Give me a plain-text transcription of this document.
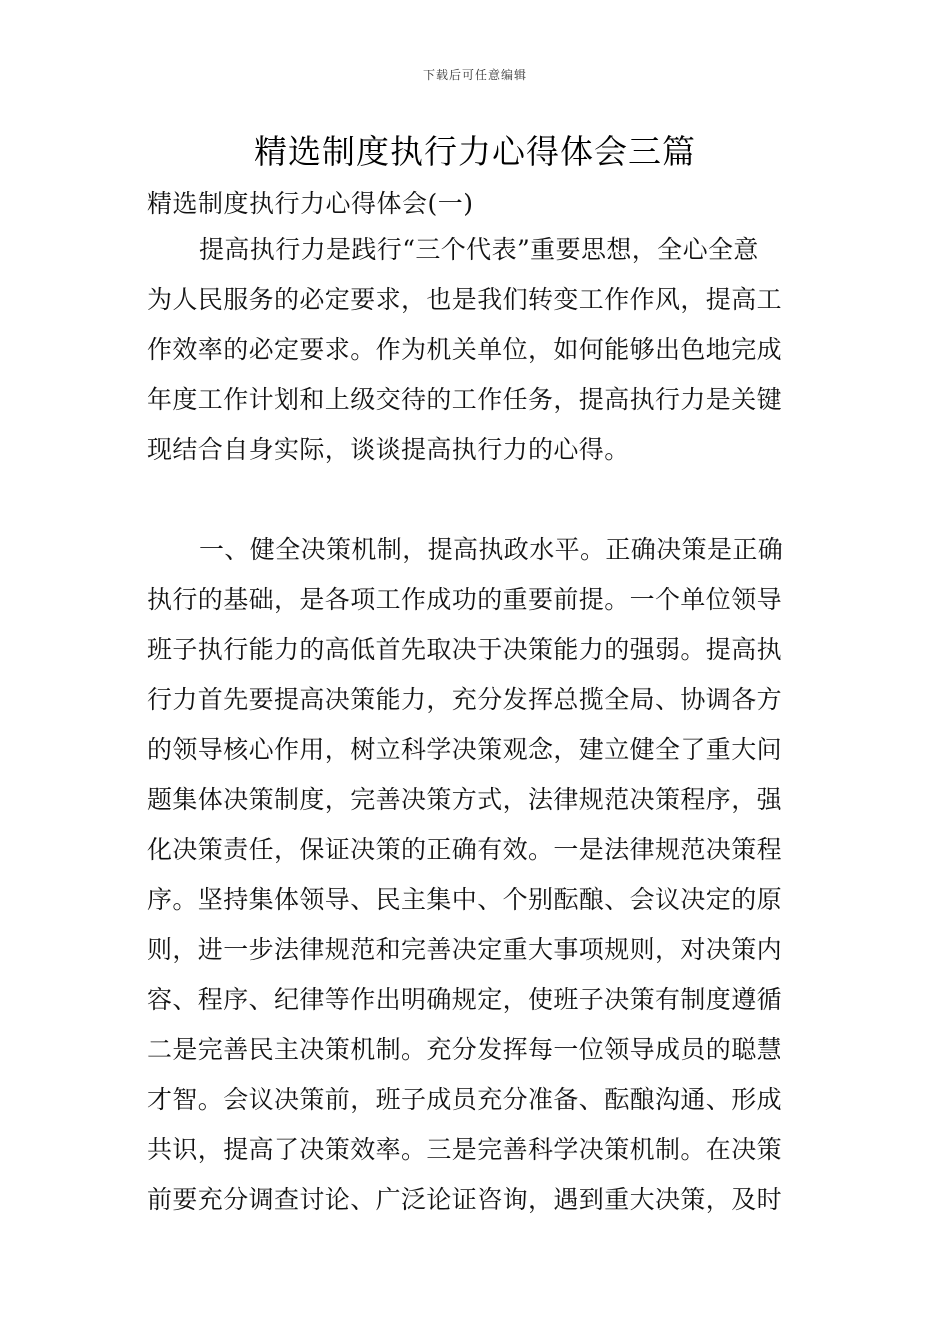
下载后可任意编辑
精选制度执行力心得体会三篇
精选制度执行力心得体会(一)
提高执行力是践行“三个代表”重要思想，全心全意
为人民服务的必定要求，也是我们转变工作作风，提高工
作效率的必定要求。作为机关单位，如何能够出色地完成
年度工作计划和上级交待的工作任务，提高执行力是关键
现结合自身实际，谈谈提高执行力的心得。
一、健全决策机制，提高执政水平。正确决策是正确
执行的基础，是各项工作成功的重要前提。一个单位领导
班子执行能力的高低首先取决于决策能力的强弱。提高执
行力首先要提高决策能力，充分发挥总揽全局、协调各方
的领导核心作用，树立科学决策观念，建立健全了重大问
题集体决策制度，完善决策方式，法律规范决策程序，强
化决策责任，保证决策的正确有效。一是法律规范决策程
序。坚持集体领导、民主集中、个别酝酿、会议决定的原
则，进一步法律规范和完善决定重大事项规则，对决策内
容、程序、纪律等作出明确规定，使班子决策有制度遵循
二是完善民主决策机制。充分发挥每一位领导成员的聪慧
才智。会议决策前，班子成员充分准备、酝酿沟通、形成
共识，提高了决策效率。三是完善科学决策机制。在决策
前要充分调查讨论、广泛论证咨询，遇到重大决策，及时
